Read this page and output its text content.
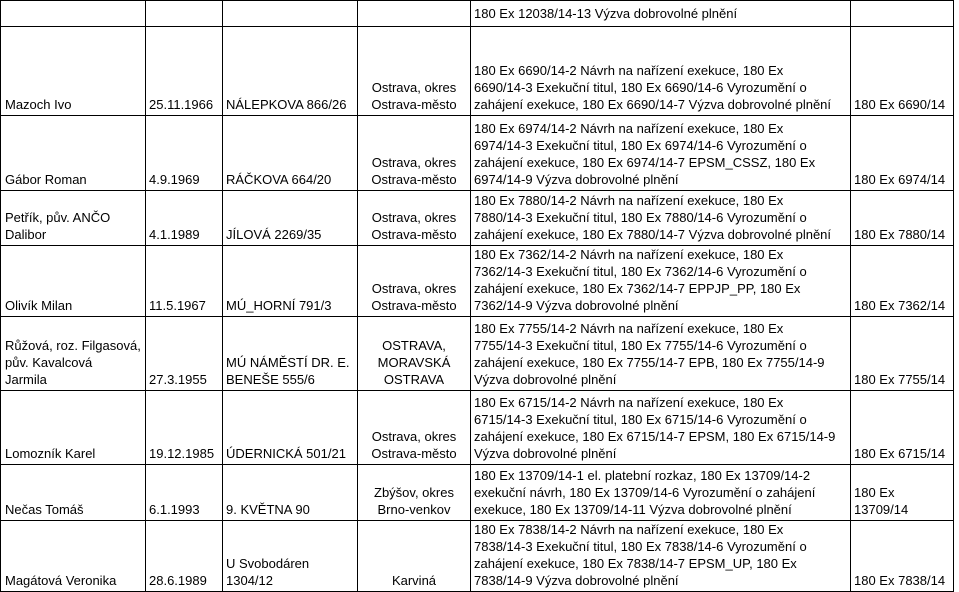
				180 Ex 12038/14-13 Výzva dobrovolné plnění	

Mazoch Ivo	25.11.1966	NÁLEPKOVA 866/26	Ostrava, okres
Ostrava-město	180 Ex 6690/14-2 Návrh na nařízení exekuce, 180 Ex
6690/14-3 Exekuční titul, 180 Ex 6690/14-6 Vyrozumění o
zahájení exekuce, 180 Ex 6690/14-7 Výzva dobrovolné plnění	180 Ex 6690/14

Gábor Roman	4.9.1969	RÁČKOVA 664/20	Ostrava, okres
Ostrava-město	180 Ex 6974/14-2 Návrh na nařízení exekuce, 180 Ex
6974/14-3 Exekuční titul, 180 Ex 6974/14-6 Vyrozumění o
zahájení exekuce, 180 Ex 6974/14-7 EPSM_CSSZ, 180 Ex
6974/14-9 Výzva dobrovolné plnění	180 Ex 6974/14

Petřík, pův. ANČO
Dalibor	4.1.1989	JÍLOVÁ 2269/35	Ostrava, okres
Ostrava-město	180 Ex 7880/14-2 Návrh na nařízení exekuce, 180 Ex
7880/14-3 Exekuční titul, 180 Ex 7880/14-6 Vyrozumění o
zahájení exekuce, 180 Ex 7880/14-7 Výzva dobrovolné plnění	180 Ex 7880/14

Olivík Milan	11.5.1967	MÚ_HORNÍ 791/3	Ostrava, okres
Ostrava-město	180 Ex 7362/14-2 Návrh na nařízení exekuce, 180 Ex
7362/14-3 Exekuční titul, 180 Ex 7362/14-6 Vyrozumění o
zahájení exekuce, 180 Ex 7362/14-7 EPPJP_PP, 180 Ex
7362/14-9 Výzva dobrovolné plnění	180 Ex 7362/14

Růžová, roz. Filgasová,
pův. Kavalcová
Jarmila	27.3.1955	MÚ NÁMĚSTÍ DR. E.
BENEŠE 555/6	OSTRAVA,
MORAVSKÁ
OSTRAVA	180 Ex 7755/14-2 Návrh na nařízení exekuce, 180 Ex
7755/14-3 Exekuční titul, 180 Ex 7755/14-6 Vyrozumění o
zahájení exekuce, 180 Ex 7755/14-7 EPB, 180 Ex 7755/14-9
Výzva dobrovolné plnění	180 Ex 7755/14

Lomozník Karel	19.12.1985	ÚDERNICKÁ 501/21	Ostrava, okres
Ostrava-město	180 Ex 6715/14-2 Návrh na nařízení exekuce, 180 Ex
6715/14-3 Exekuční titul, 180 Ex 6715/14-6 Vyrozumění o
zahájení exekuce, 180 Ex 6715/14-7 EPSM, 180 Ex 6715/14-9
Výzva dobrovolné plnění	180 Ex 6715/14

Nečas Tomáš	6.1.1993	9. KVĚTNA 90	Zbýšov, okres
Brno-venkov	180 Ex 13709/14-1 el. platební rozkaz, 180 Ex 13709/14-2
exekuční návrh, 180 Ex 13709/14-6 Vyrozumění o zahájení
exekuce, 180 Ex 13709/14-11 Výzva dobrovolné plnění	180 Ex
13709/14

Magátová Veronika	28.6.1989	U Svobodáren
1304/12	Karviná	180 Ex 7838/14-2 Návrh na nařízení exekuce, 180 Ex
7838/14-3 Exekuční titul, 180 Ex 7838/14-6 Vyrozumění o
zahájení exekuce, 180 Ex 7838/14-7 EPSM_UP, 180 Ex
7838/14-9 Výzva dobrovolné plnění	180 Ex 7838/14
